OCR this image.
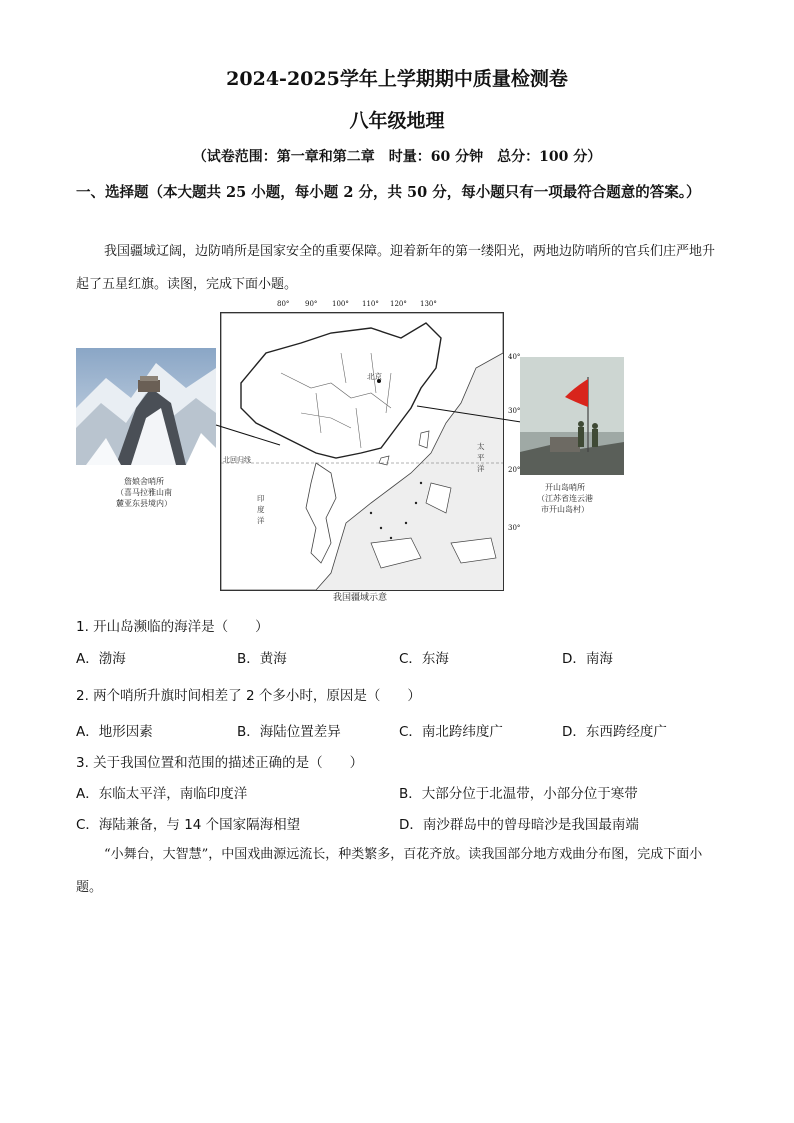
2024-2025学年上学期期中质量检测卷
八年级地理
（试卷范围：第一章和第二章　时量：60 分钟　总分：100 分）
一、选择题（本大题共 25 小题，每小题 2 分，共 50 分，每小题只有一项最符合题意的答案。）
我国疆域辽阔，边防哨所是国家安全的重要保障。迎着新年的第一缕阳光，两地边防哨所的官兵们庄严地升起了五星红旗。读图，完成下面小题。
80° 90° 100° 110° 120° 130°
40°
30°
20°
30°
詹娘舍哨所
（喜马拉雅山南
麓亚东县境内）
北京
北回归线
太
平
洋
印
度
洋
开山岛哨所
（江苏省连云港
市开山岛村）
我国疆域示意
1. 开山岛濒临的海洋是（　　）
A．渤海	B．黄海	C．东海	D．南海
2. 两个哨所升旗时间相差了 2 个多小时，原因是（　　）
A．地形因素	B．海陆位置差异	C．南北跨纬度广	D．东西跨经度广
3. 关于我国位置和范围的描述正确的是（　　）
A．东临太平洋，南临印度洋	B．大部分位于北温带，小部分位于寒带
C．海陆兼备，与 14 个国家隔海相望	D．南沙群岛中的曾母暗沙是我国最南端
“小舞台，大智慧”，中国戏曲源远流长，种类繁多，百花齐放。读我国部分地方戏曲分布图，完成下面小题。
